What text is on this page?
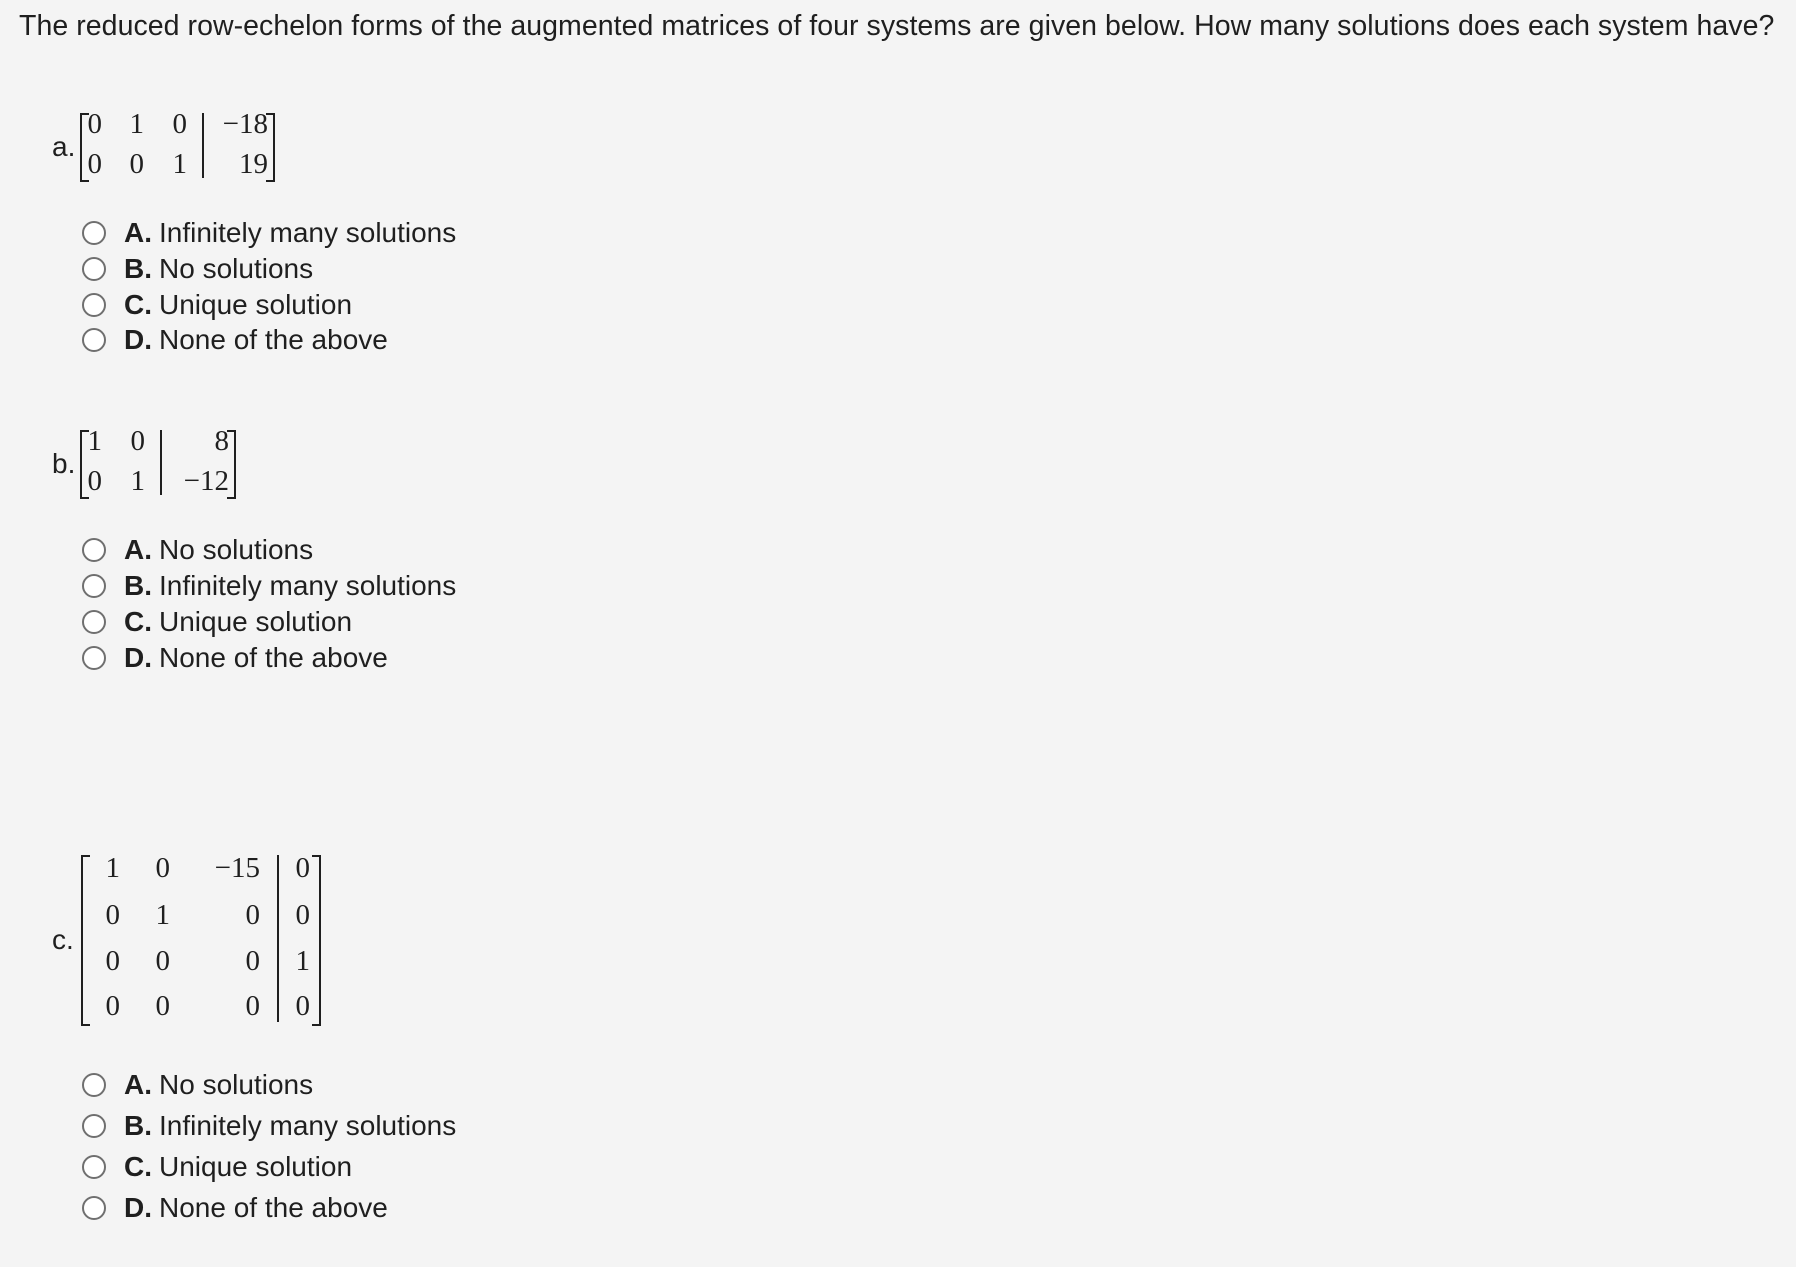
The reduced row-echelon forms of the augmented matrices of four systems are given below. How many solutions does each system have?
a.
0 1 0	−18
0 0 1	19
A. Infinitely many solutions
B. No solutions
C. Unique solution
D. None of the above
b.
1 0	8
0 1	−12
A. No solutions
B. Infinitely many solutions
C. Unique solution
D. None of the above
c.
1	0	−15	0
0	1	0	0
0	0	0	1
0	0	0	0
A. No solutions
B. Infinitely many solutions
C. Unique solution
D. None of the above
